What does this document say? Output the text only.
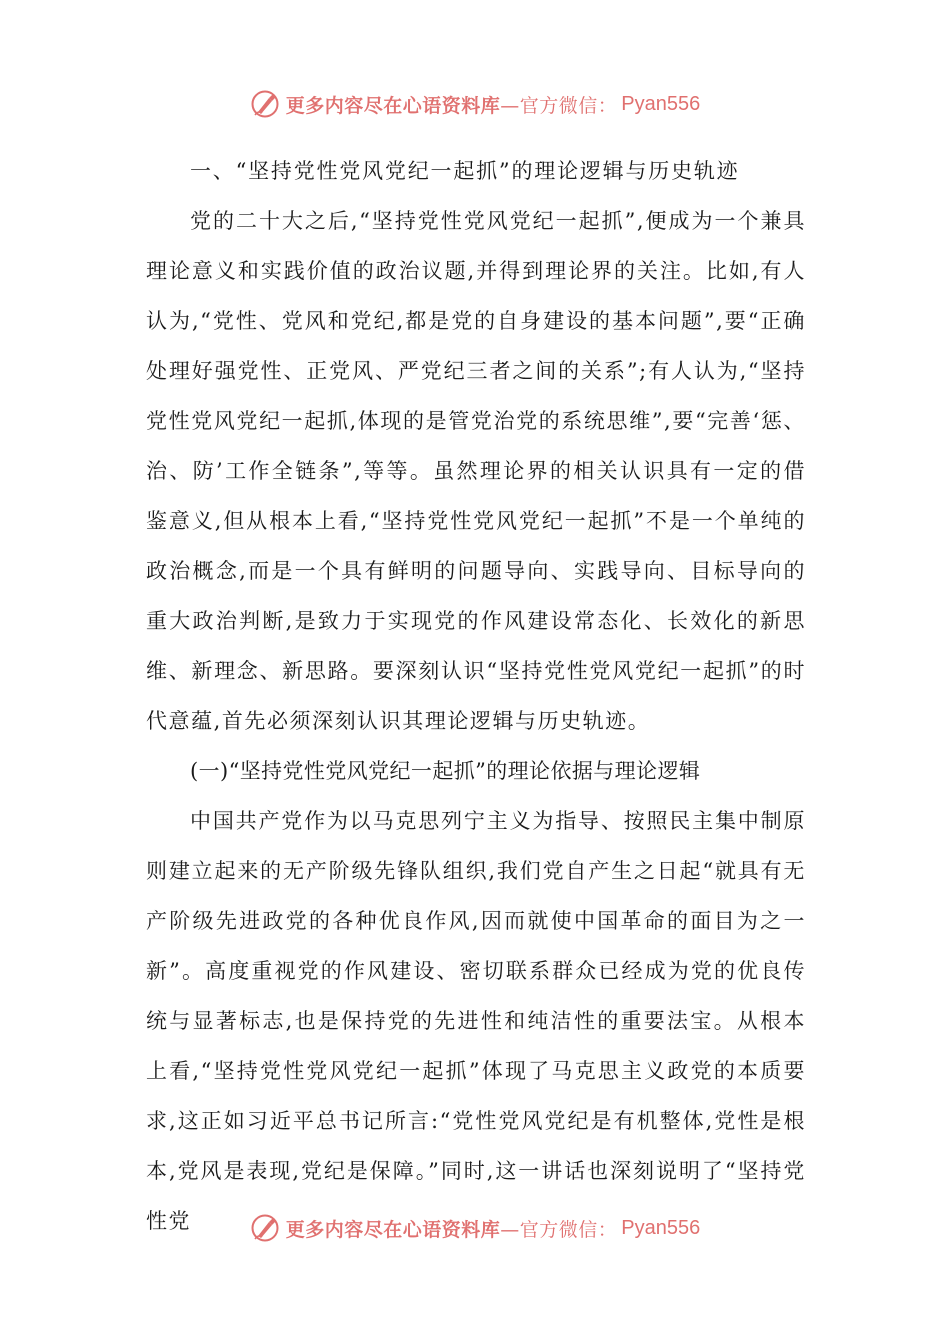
更多内容尽在心语资料库 —官方微信： Pyan556

一、“坚持党性党风党纪一起抓”的理论逻辑与历史轨迹

党的二十大之后,“坚持党性党风党纪一起抓”,便成为一个兼具理论意义和实践价值的政治议题,并得到理论界的关注。比如,有人认为,“党性、党风和党纪,都是党的自身建设的基本问题”,要“正确处理好强党性、正党风、严党纪三者之间的关系”;有人认为,“坚持党性党风党纪一起抓,体现的是管党治党的系统思维”,要“完善‘惩、治、防’工作全链条”,等等。虽然理论界的相关认识具有一定的借鉴意义,但从根本上看,“坚持党性党风党纪一起抓”不是一个单纯的政治概念,而是一个具有鲜明的问题导向、实践导向、目标导向的重大政治判断,是致力于实现党的作风建设常态化、长效化的新思维、新理念、新思路。要深刻认识“坚持党性党风党纪一起抓”的时代意蕴,首先必须深刻认识其理论逻辑与历史轨迹。

(一)“坚持党性党风党纪一起抓”的理论依据与理论逻辑

中国共产党作为以马克思列宁主义为指导、按照民主集中制原则建立起来的无产阶级先锋队组织,我们党自产生之日起“就具有无产阶级先进政党的各种优良作风,因而就使中国革命的面目为之一新”。高度重视党的作风建设、密切联系群众已经成为党的优良传统与显著标志,也是保持党的先进性和纯洁性的重要法宝。从根本上看,“坚持党性党风党纪一起抓”体现了马克思主义政党的本质要求,这正如习近平总书记所言:“党性党风党纪是有机整体,党性是根本,党风是表现,党纪是保障。”同时,这一讲话也深刻说明了“坚持党性党	更多内容尽在心语资料库 —官方微信： Pyan556
